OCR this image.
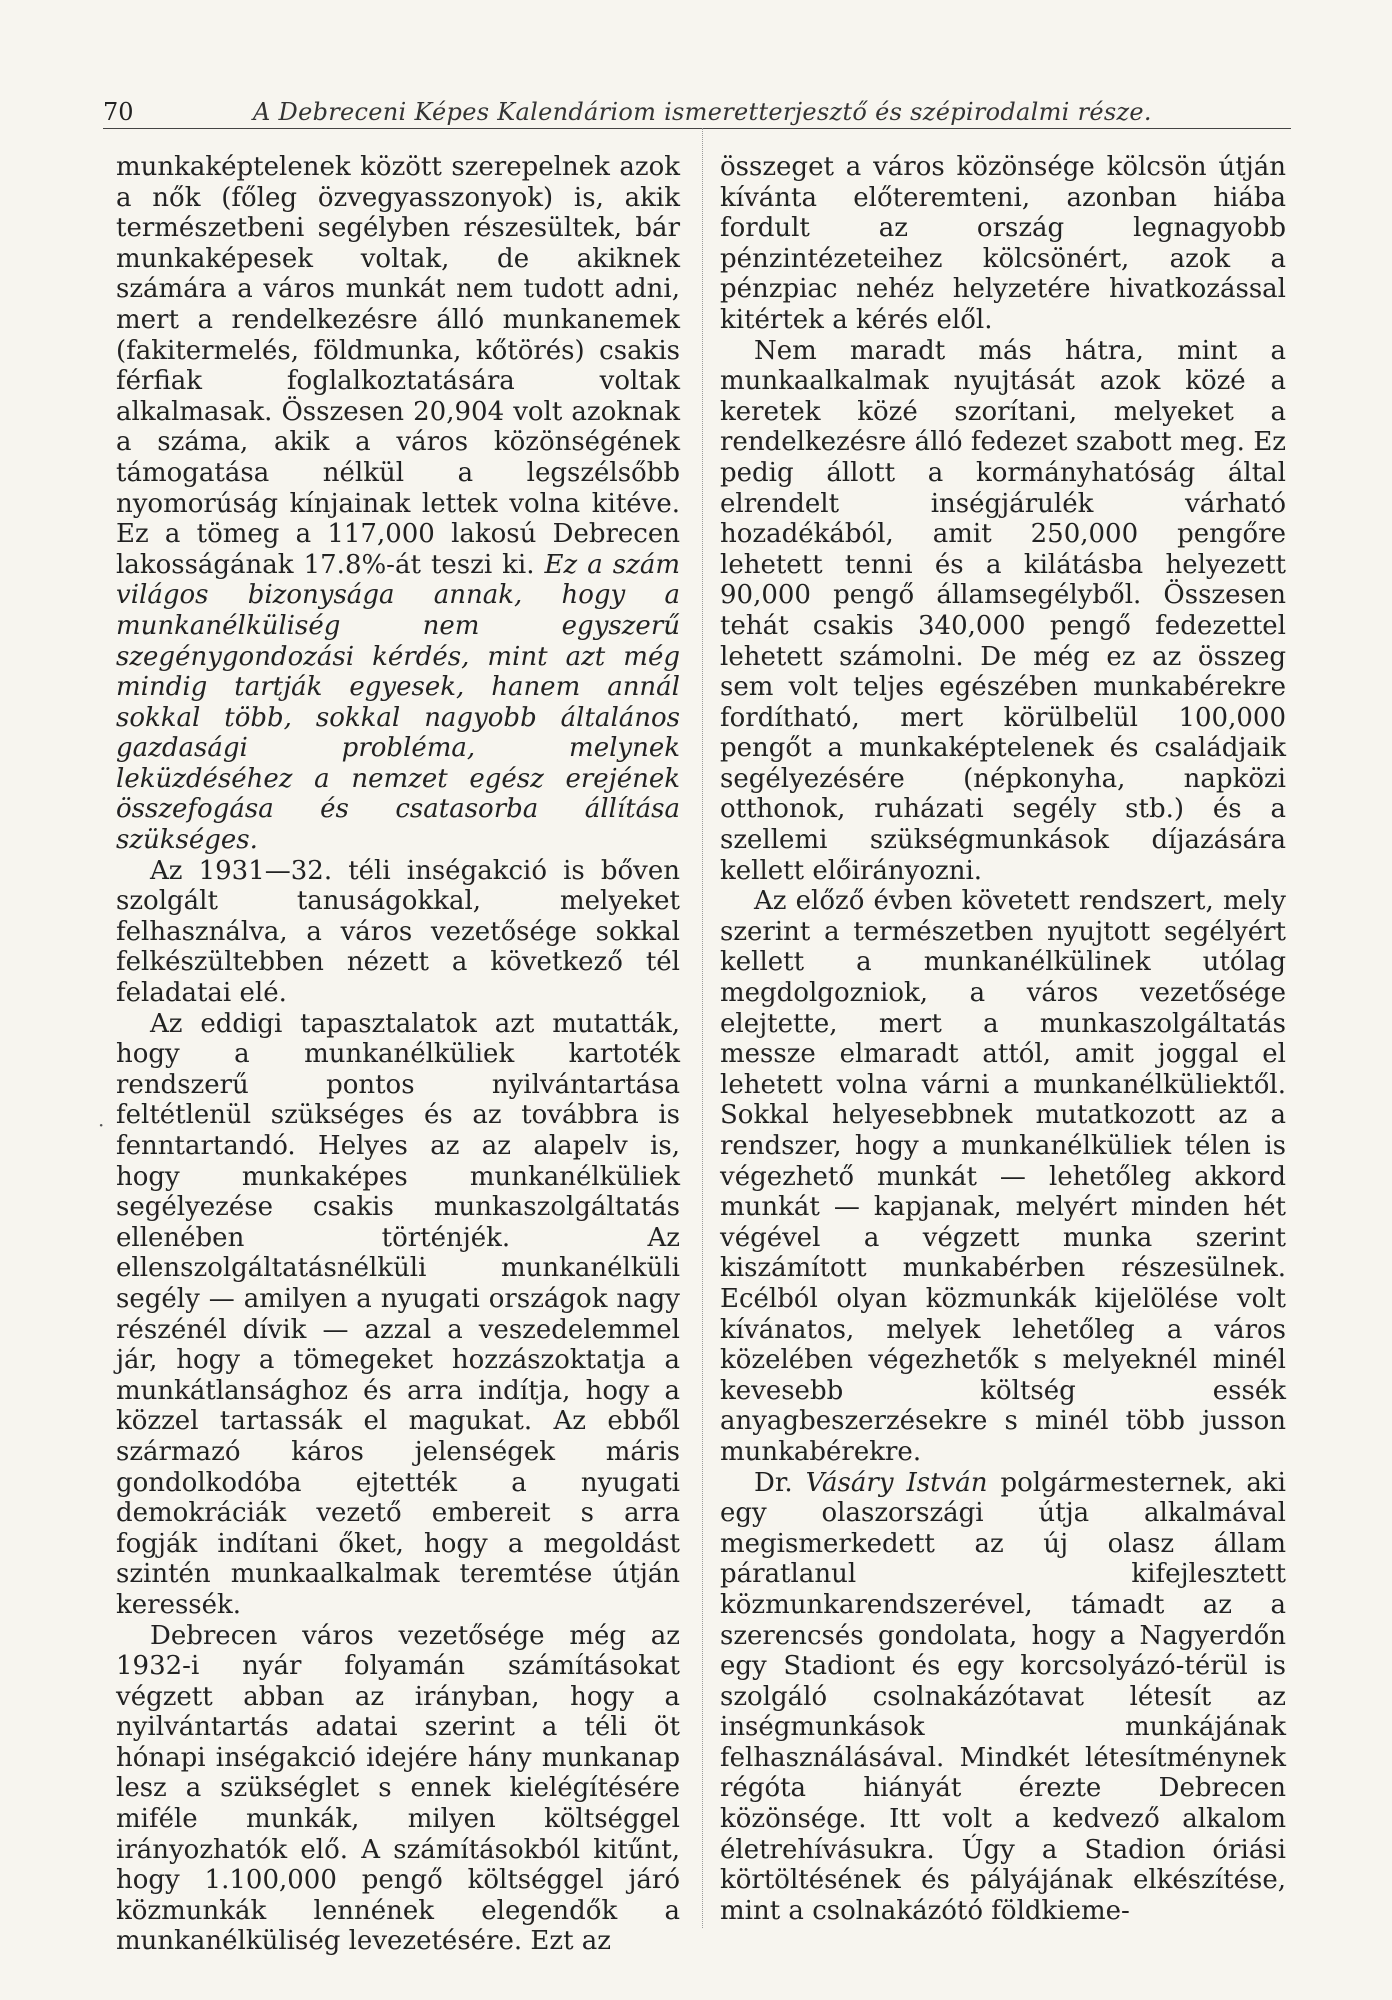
70	A Debreceni Képes Kalendáriom ismeretterjesztő és szépirodalmi része.
·

munkaképtelenek között szerepelnek azok a nők (főleg özvegyasszonyok) is, akik természetbeni segélyben részesültek, bár munkaképesek voltak, de akiknek számára a város munkát nem tudott adni, mert a rendelkezésre álló munkanemek (fakitermelés, földmunka, kőtörés) csakis férfiak foglalkoztatására voltak alkalmasak. Összesen 20,904 volt azoknak a száma, akik a város közönségének támogatása nélkül a legszélsőbb nyomorúság kínjainak lettek volna kitéve. Ez a tömeg a 117,000 lakosú Debrecen lakosságának 17.8%-át teszi ki. Ez a szám világos bizonysága annak, hogy a munkanélküliség nem egyszerű szegénygondozási kérdés, mint azt még mindig tartják egyesek, hanem annál sokkal több, sokkal nagyobb általános gazdasági probléma, melynek leküzdéséhez a nemzet egész erejének összefogása és csatasorba állítása szükséges.

Az 1931—32. téli inségakció is bőven szolgált tanuságokkal, melyeket felhasználva, a város vezetősége sokkal felkészültebben nézett a következő tél feladatai elé.

Az eddigi tapasztalatok azt mutatták, hogy a munkanélküliek kartoték rendszerű pontos nyilvántartása feltétlenül szükséges és az továbbra is fenntartandó. Helyes az az alapelv is, hogy munkaképes munkanélküliek segélyezése csakis munkaszolgáltatás ellenében történjék. Az ellenszolgáltatásnélküli munkanélküli segély — amilyen a nyugati országok nagy részénél dívik — azzal a veszedelemmel jár, hogy a tömegeket hozzászoktatja a munkátlansághoz és arra indítja, hogy a közzel tartassák el magukat. Az ebből származó káros jelenségek máris gondolkodóba ejtették a nyugati demokráciák vezető embereit s arra fogják indítani őket, hogy a megoldást szintén munkaalkalmak teremtése útján keressék.

Debrecen város vezetősége még az 1932-i nyár folyamán számításokat végzett abban az irányban, hogy a nyilvántartás adatai szerint a téli öt hónapi inségakció idejére hány munkanap lesz a szükséglet s ennek kielégítésére miféle munkák, milyen költséggel irányozhatók elő. A számításokból kitűnt, hogy 1.100,000 pengő költséggel járó közmunkák lennének elegendők a munkanélküliség levezetésére. Ezt az

összeget a város közönsége kölcsön útján kívánta előteremteni, azonban hiába fordult az ország legnagyobb pénzintézeteihez kölcsönért, azok a pénzpiac nehéz helyzetére hivatkozással kitértek a kérés elől.

Nem maradt más hátra, mint a munkaalkalmak nyujtását azok közé a keretek közé szorítani, melyeket a rendelkezésre álló fedezet szabott meg. Ez pedig állott a kormányhatóság által elrendelt inségjárulék várható hozadékából, amit 250,000 pengőre lehetett tenni és a kilátásba helyezett 90,000 pengő államsegélyből. Összesen tehát csakis 340,000 pengő fedezettel lehetett számolni. De még ez az összeg sem volt teljes egészében munkabérekre fordítható, mert körülbelül 100,000 pengőt a munkaképtelenek és családjaik segélyezésére (népkonyha, napközi otthonok, ruházati segély stb.) és a szellemi szükségmunkások díjazására kellett előirányozni.

Az előző évben követett rendszert, mely szerint a természetben nyujtott segélyért kellett a munkanélkülinek utólag megdolgozniok, a város vezetősége elejtette, mert a munkaszolgáltatás messze elmaradt attól, amit joggal el lehetett volna várni a munkanélküliektől. Sokkal helyesebbnek mutatkozott az a rendszer, hogy a munkanélküliek télen is végezhető munkát — lehetőleg akkord munkát — kapjanak, melyért minden hét végével a végzett munka szerint kiszámított munkabérben részesülnek. Ecélból olyan közmunkák kijelölése volt kívánatos, melyek lehetőleg a város közelében végezhetők s melyeknél minél kevesebb költség essék anyagbeszerzésekre s minél több jusson munkabérekre.

Dr. Vásáry István polgármesternek, aki egy olaszországi útja alkalmával megismerkedett az új olasz állam páratlanul kifejlesztett közmunkarendszerével, támadt az a szerencsés gondolata, hogy a Nagyerdőn egy Stadiont és egy korcsolyázó-térül is szolgáló csolnakázótavat létesít az inségmunkások munkájának felhasználásával. Mindkét létesítménynek régóta hiányát érezte Debrecen közönsége. Itt volt a kedvező alkalom életrehívásukra. Úgy a Stadion óriási körtöltésének és pályájának elkészítése, mint a csolnakázótó földkieme-
